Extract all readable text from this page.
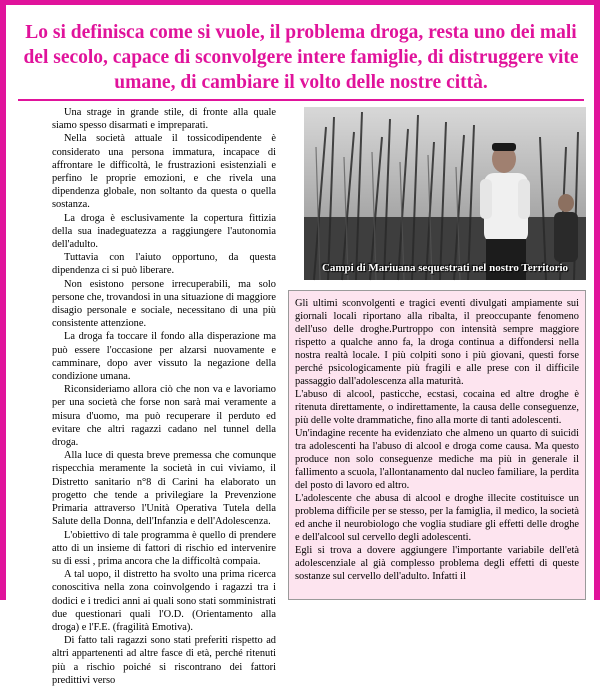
Lo si definisca come si vuole, il problema droga, resta uno dei mali del secolo, capace di sconvolgere intere famiglie, di distruggere vite umane, di cambiare il volto delle nostre città.

Una strage in grande stile, di fronte alla quale siamo spesso disarmati e impreparati.

Nella società attuale il tossicodipendente è considerato una persona immatura, incapace di affrontare le difficoltà, le frustrazioni esistenziali e perfino le proprie emozioni, e che rivela una dipendenza globale, non soltanto da questa o quella sostanza.

La droga è esclusivamente la copertura fittizia della sua inadeguatezza a raggiungere l'autonomia dell'adulto.

Tuttavia con l'aiuto opportuno, da questa dipendenza ci si può liberare.

Non esistono persone irrecuperabili, ma solo persone che, trovandosi in una situazione di maggiore disagio personale e sociale, necessitano di una più consistente attenzione.

La droga fa toccare il fondo alla disperazione ma può essere l'occasione per alzarsi nuovamente e camminare, dopo aver vissuto la negazione della condizione umana.

Riconsideriamo allora ciò che non va e lavoriamo per una società che forse non sarà mai veramente a misura d'uomo, ma può recuperare il perduto ed evitare che altri ragazzi cadano nel tunnel della droga.

Alla luce di questa breve premessa che comunque rispecchia meramente la società in cui viviamo, il Distretto sanitario n°8 di Carini ha elaborato un progetto che tende a privilegiare la Prevenzione Primaria attraverso l'Unità Operativa Tutela della Salute della Donna, dell'Infanzia e dell'Adolescenza.

L'obiettivo di tale programma è quello di prendere atto di un insieme di fattori di rischio ed intervenire su di essi , prima ancora che la difficoltà compaia.

A tal uopo, il distretto ha svolto una prima ricerca conoscitiva nella zona coinvolgendo i ragazzi tra i dodici e i tredici anni ai quali sono stati somministrati due questionari quali l'O.D. (Orientamento alla droga) e l'F.E. (fragilità Emotiva).

Di fatto tali ragazzi sono stati preferiti rispetto ad altri appartenenti ad altre fasce di età, perché ritenuti più a rischio poiché si riscontrano dei fattori predittivi verso

Campi di Mariuana sequestrati nel nostro Territorio

Gli ultimi sconvolgenti e tragici eventi divulgati ampiamente sui giornali locali riportano alla ribalta, il preoccupante fenomeno dell'uso delle droghe.Purtroppo con intensità sempre maggiore rispetto a qualche anno fa, la droga continua a diffondersi nella nostra realtà locale. I più colpiti sono i più giovani, questi forse perché psicologicamente più fragili e alle prese con il difficile passaggio dall'adolescenza alla maturità.

L'abuso di alcool, pasticche, ecstasi, cocaina ed altre droghe è ritenuta direttamente, o indirettamente, la causa delle conseguenze, più delle volte drammatiche, fino alla morte di tanti adolescenti.

Un'indagine recente ha evidenziato che almeno un quarto di suicidi tra adolescenti ha l'abuso di alcool e droga come causa. Ma questo produce non solo conseguenze mediche ma più in generale il fallimento a scuola, l'allontanamento dal nucleo familiare, la perdita del posto di lavoro ed altro.

L'adolescente che abusa di alcool e droghe illecite costituisce un problema difficile per se stesso, per la famiglia, il medico, la società ed anche il neurobiologo che voglia studiare gli effetti delle droghe e dell'alcool sul cervello degli adolescenti.

Egli si trova a dovere aggiungere l'importante variabile dell'età adolescenziale al già complesso problema degli effetti di queste sostanze sul cervello dell'adulto. Infatti il
